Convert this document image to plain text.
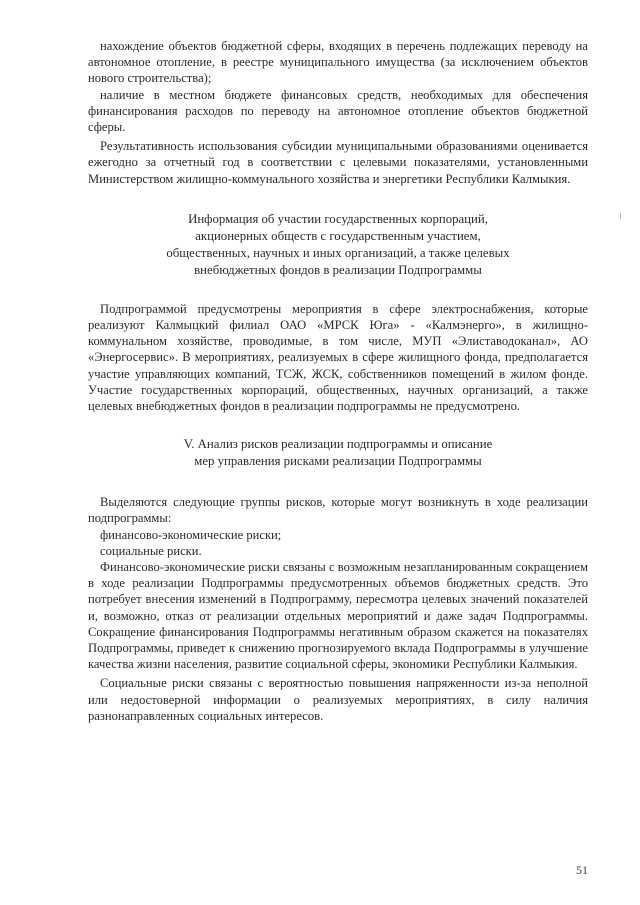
нахождение объектов бюджетной сферы, входящих в перечень подлежащих переводу на автономное отопление, в реестре муниципального имущества (за исключением объектов нового строительства);

наличие в местном бюджете финансовых средств, необходимых для обеспечения финансирования расходов по переводу на автономное отопление объектов бюджетной сферы.

Результативность использования субсидии муниципальными образованиями оценивается ежегодно за отчетный год в соответствии с целевыми показателями, установленными Министерством жилищно-коммунального хозяйства и энергетики Республики Калмыкия.

Информация об участии государственных корпораций,
акционерных обществ с государственным участием,
общественных, научных и иных организаций, а также целевых
внебюджетных фондов в реализации Подпрограммы

Подпрограммой предусмотрены мероприятия в сфере электроснабжения, которые реализуют Калмыцкий филиал ОАО «МРСК Юга» - «Калмэнерго», в жилищно-коммунальном хозяйстве, проводимые, в том числе, МУП «Элиставодоканал», АО «Энергосервис». В мероприятиях, реализуемых в сфере жилищного фонда, предполагается участие управляющих компаний, ТСЖ, ЖСК, собственников помещений в жилом фонде. Участие государственных корпораций, общественных, научных организаций, а также целевых внебюджетных фондов в реализации подпрограммы не предусмотрено.

V. Анализ рисков реализации подпрограммы и описание
мер управления рисками реализации Подпрограммы

Выделяются следующие группы рисков, которые могут возникнуть в ходе реализации подпрограммы:

финансово-экономические риски;

социальные риски.

Финансово-экономические риски связаны с возможным незапланированным сокращением в ходе реализации Подпрограммы предусмотренных объемов бюджетных средств. Это потребует внесения изменений в Подпрограмму, пересмотра целевых значений показателей и, возможно, отказ от реализации отдельных мероприятий и даже задач Подпрограммы. Сокращение финансирования Подпрограммы негативным образом скажется на показателях Подпрограммы, приведет к снижению прогнозируемого вклада Подпрограммы в улучшение качества жизни населения, развитие социальной сферы, экономики Республики Калмыкия.

Социальные риски связаны с вероятностью повышения напряженности из-за неполной или недостоверной информации о реализуемых мероприятиях, в силу наличия разнонаправленных социальных интересов.

51
